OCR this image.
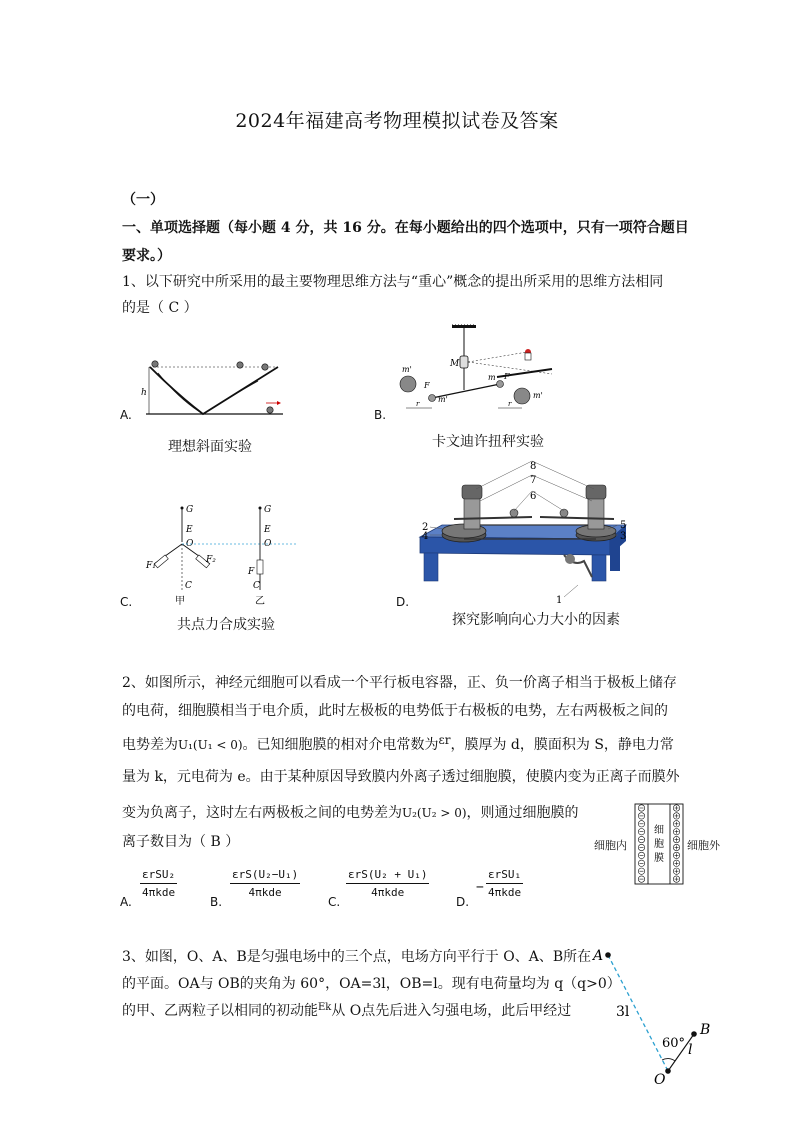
2024年福建高考物理模拟试卷及答案
（一）
一、单项选择题（每小题 4 分，共 16 分。在每小题给出的四个选项中，只有一项符合题目
要求。）
1、以下研究中所采用的最主要物理思维方法与“重心”概念的提出所采用的思维方法相同
的是（ C ）
A.
h
理想斜面实验
B.
M
m'
m'
m
m'
F
F
r	r
卡文迪许扭秤实验
C.
G
E
O
F₁
F₂
C
甲
G
E
O
F
C
乙
共点力合成实验
D.
8
7
6
2
4
5
3
1
探究影响向心力大小的因素
2、如图所示，神经元细胞可以看成一个平行板电容器，正、负一价离子相当于极板上储存
的电荷，细胞膜相当于电介质，此时左极板的电势低于右极板的电势，左右两极板之间的
电势差为U₁(U₁ < 0)。已知细胞膜的相对介电常数为εr，膜厚为 d，膜面积为 S，静电力常
量为 k，元电荷为 e。由于某种原因导致膜内外离子透过细胞膜，使膜内变为正离子而膜外
变为负离子，这时左右两极板之间的电势差为U₂(U₂ > 0)，则通过细胞膜的
离子数目为（ B ）
A.
εrSU₂
4πkde
B.
εrS(U₂−U₁)
4πkde
C.
εrS(U₂ + U₁)
4πkde
D.
−
εrSU₁
4πkde
细胞内	细胞外
细
胞
膜
3、如图，O、A、B是匀强电场中的三个点，电场方向平行于 O、A、B所在
的平面。OA与 OB的夹角为 60°，OA=3l，OB=l。现有电荷量均为 q（q>0）
的甲、乙两粒子以相同的初动能$^{Ek}$从 O点先后进入匀强电场，此后甲经过
A
B
O
3l
l
60°
